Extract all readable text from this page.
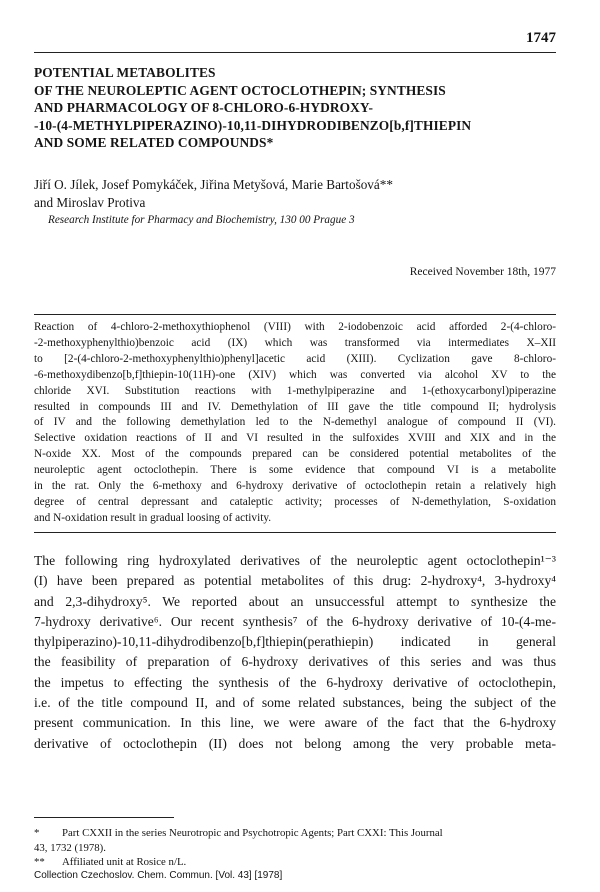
1747
POTENTIAL METABOLITES
OF THE NEUROLEPTIC AGENT OCTOCLOTHEPIN; SYNTHESIS
AND PHARMACOLOGY OF 8-CHLORO-6-HYDROXY-
-10-(4-METHYLPIPERAZINO)-10,11-DIHYDRODIBENZO[b,f]THIEPIN
AND SOME RELATED COMPOUNDS*
Jiří O. Jílek, Josef Pomykáček, Jiřina Metyšová, Marie Bartošová**
and Miroslav Protiva
Research Institute for Pharmacy and Biochemistry, 130 00 Prague 3
Received November 18th, 1977
Reaction of 4-chloro-2-methoxythiophenol (VIII) with 2-iodobenzoic acid afforded 2-(4-chloro-
-2-methoxyphenylthio)benzoic acid (IX) which was transformed via intermediates X–XII
to [2-(4-chloro-2-methoxyphenylthio)phenyl]acetic acid (XIII). Cyclization gave 8-chloro-
-6-methoxydibenzo[b,f]thiepin-10(11H)-one (XIV) which was converted via alcohol XV to the
chloride XVI. Substitution reactions with 1-methylpiperazine and 1-(ethoxycarbonyl)piperazine
resulted in compounds III and IV. Demethylation of III gave the title compound II; hydrolysis
of IV and the following demethylation led to the N-demethyl analogue of compound II (VI).
Selective oxidation reactions of II and VI resulted in the sulfoxides XVIII and XIX and in the
N-oxide XX. Most of the compounds prepared can be considered potential metabolites of the
neuroleptic agent octoclothepin. There is some evidence that compound VI is a metabolite
in the rat. Only the 6-methoxy and 6-hydroxy derivative of octoclothepin retain a relatively high
degree of central depressant and cataleptic activity; processes of N-demethylation, S-oxidation
and N-oxidation result in gradual loosing of activity.
The following ring hydroxylated derivatives of the neuroleptic agent octoclothepin¹⁻³
(I) have been prepared as potential metabolites of this drug: 2-hydroxy⁴, 3-hydroxy⁴
and 2,3-dihydroxy⁵. We reported about an unsuccessful attempt to synthesize the
7-hydroxy derivative⁶. Our recent synthesis⁷ of the 6-hydroxy derivative of 10-(4-me-
thylpiperazino)-10,11-dihydrodibenzo[b,f]thiepin(perathiepin) indicated in general
the feasibility of preparation of 6-hydroxy derivatives of this series and was thus
the impetus to effecting the synthesis of the 6-hydroxy derivative of octoclothepin,
i.e. of the title compound II, and of some related substances, being the subject of the
present communication. In this line, we were aware of the fact that the 6-hydroxy
derivative of octoclothepin (II) does not belong among the very probable meta-
* Part CXXII in the series Neurotropic and Psychotropic Agents; Part CXXI: This Journal
43, 1732 (1978).
** Affiliated unit at Rosice n/L.
Collection Czechoslov. Chem. Commun. [Vol. 43] [1978]
